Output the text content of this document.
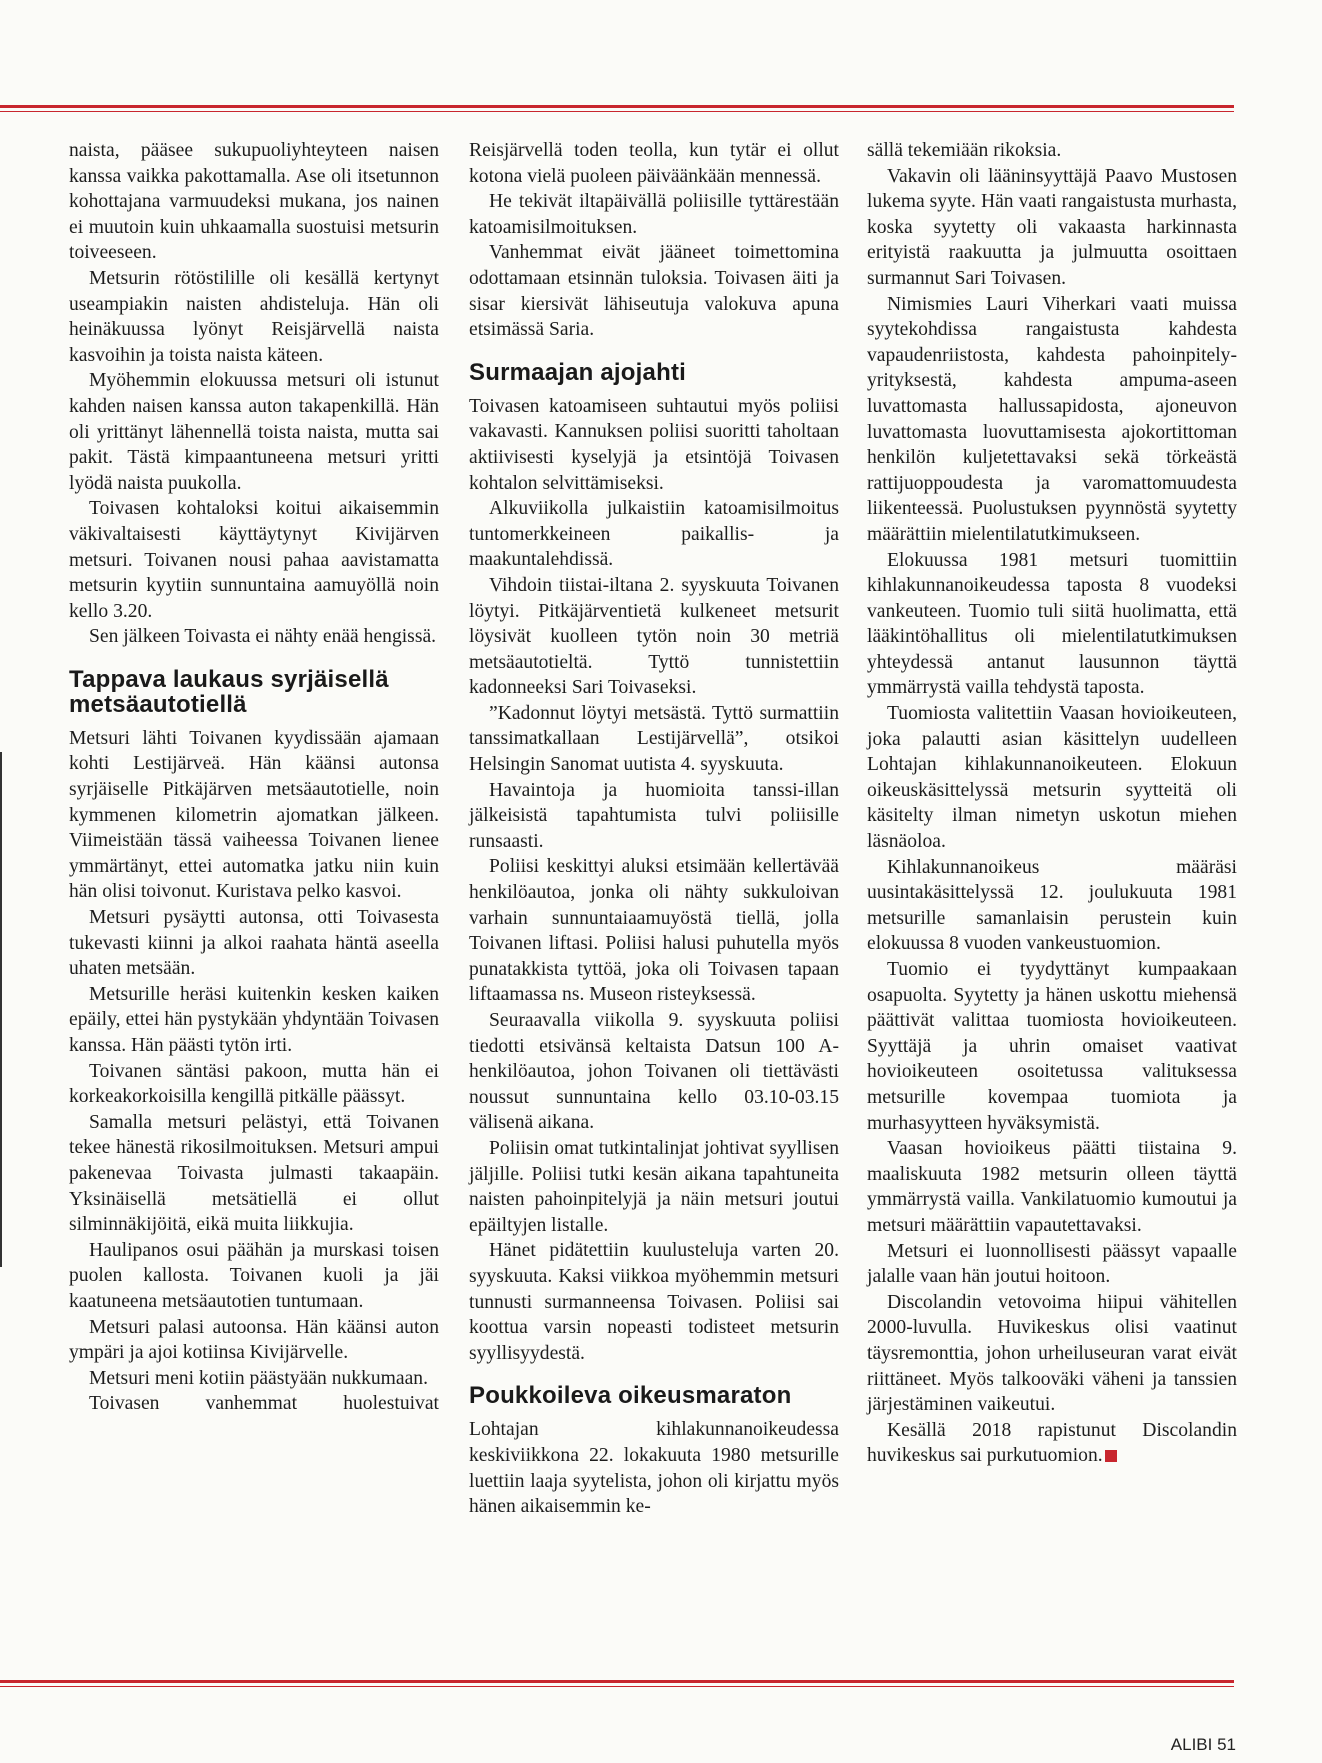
naista, pääsee sukupuoliyhteyteen naisen kanssa vaikka pakottamalla. Ase oli itsetunnon kohottajana varmuudeksi mukana, jos nainen ei muutoin kuin uhkaamalla suostuisi metsurin toiveeseen.

Metsurin rötöstilille oli kesällä kertynyt useampiakin naisten ahdisteluja. Hän oli heinäkuussa lyönyt Reisjärvellä naista kasvoihin ja toista naista käteen.

Myöhemmin elokuussa metsuri oli istunut kahden naisen kanssa auton takapenkillä. Hän oli yrittänyt lähennellä toista naista, mutta sai pakit. Tästä kimpaantuneena metsuri yritti lyödä naista puukolla.

Toivasen kohtaloksi koitui aikaisemmin väkivaltaisesti käyttäytynyt Kivijärven metsuri. Toivanen nousi pahaa aavistamatta metsurin kyytiin sunnuntaina aamuyöllä noin kello 3.20.

Sen jälkeen Toivasta ei nähty enää hengissä.

Tappava laukaus syrjäisellä metsäautotiellä

Metsuri lähti Toivanen kyydissään ajamaan kohti Lestijärveä. Hän käänsi autonsa syrjäiselle Pitkäjärven metsäautotielle, noin kymmenen kilometrin ajomatkan jälkeen. Viimeistään tässä vaiheessa Toivanen lienee ymmärtänyt, ettei automatka jatku niin kuin hän olisi toivonut. Kuristava pelko kasvoi.

Metsuri pysäytti autonsa, otti Toivasesta tukevasti kiinni ja alkoi raahata häntä aseella uhaten metsään.

Metsurille heräsi kuitenkin kesken kaiken epäily, ettei hän pystykään yhdyntään Toivasen kanssa. Hän päästi tytön irti.

Toivanen säntäsi pakoon, mutta hän ei korkeakorkoisilla kengillä pitkälle päässyt.

Samalla metsuri pelästyi, että Toivanen tekee hänestä rikosilmoituksen. Metsuri ampui pakenevaa Toivasta julmasti takaapäin. Yksinäisellä metsätiellä ei ollut silminnäkijöitä, eikä muita liikkujia.

Haulipanos osui päähän ja murskasi toisen puolen kallosta. Toivanen kuoli ja jäi kaatuneena metsäautotien tuntumaan.

Metsuri palasi autoonsa. Hän käänsi auton ympäri ja ajoi kotiinsa Kivijärvelle.

Metsuri meni kotiin päästyään nukkumaan.

Toivasen vanhemmat huolestuivat

Reisjärvellä toden teolla, kun tytär ei ollut kotona vielä puoleen päiväänkään mennessä.

He tekivät iltapäivällä poliisille tyttärestään katoamisilmoituksen.

Vanhemmat eivät jääneet toimettomina odottamaan etsinnän tuloksia. Toivasen äiti ja sisar kiersivät lähiseutuja valokuva apuna etsimässä Saria.

Surmaajan ajojahti

Toivasen katoamiseen suhtautui myös poliisi vakavasti. Kannuksen poliisi suoritti taholtaan aktiivisesti kyselyjä ja etsintöjä Toivasen kohtalon selvittämiseksi.

Alkuviikolla julkaistiin katoamisilmoitus tuntomerkkeineen paikallis- ja maakuntalehdissä.

Vihdoin tiistai-iltana 2. syyskuuta Toivanen löytyi. Pitkäjärventietä kulkeneet metsurit löysivät kuolleen tytön noin 30 metriä metsäautotieltä. Tyttö tunnistettiin kadonneeksi Sari Toivaseksi.

”Kadonnut löytyi metsästä. Tyttö surmattiin tanssimatkallaan Lestijärvellä”, otsikoi Helsingin Sanomat uutista 4. syyskuuta.

Havaintoja ja huomioita tanssi-illan jälkeisistä tapahtumista tulvi poliisille runsaasti.

Poliisi keskittyi aluksi etsimään kellertävää henkilöautoa, jonka oli nähty sukkuloivan varhain sunnuntaiaamuyöstä tiellä, jolla Toivanen liftasi. Poliisi halusi puhutella myös punatakkista tyttöä, joka oli Toivasen tapaan liftaamassa ns. Museon risteyksessä.

Seuraavalla viikolla 9. syyskuuta poliisi tiedotti etsivänsä keltaista Datsun 100 A-henkilöautoa, johon Toivanen oli tiettävästi noussut sunnuntaina kello 03.10-03.15 välisenä aikana.

Poliisin omat tutkintalinjat johtivat syyllisen jäljille. Poliisi tutki kesän aikana tapahtuneita naisten pahoinpitelyjä ja näin metsuri joutui epäiltyjen listalle.

Hänet pidätettiin kuulusteluja varten 20. syyskuuta. Kaksi viikkoa myöhemmin metsuri tunnusti surmanneensa Toivasen. Poliisi sai koottua varsin nopeasti todisteet metsurin syyllisyydestä.

Poukkoileva oikeusmaraton

Lohtajan kihlakunnanoikeudessa keskiviikkona 22. lokakuuta 1980 metsurille luettiin laaja syytelista, johon oli kirjattu myös hänen aikaisemmin ke-

sällä tekemiään rikoksia.

Vakavin oli lääninsyyttäjä Paavo Mustosen lukema syyte. Hän vaati rangaistusta murhasta, koska syytetty oli vakaasta harkinnasta erityistä raakuutta ja julmuutta osoittaen surmannut Sari Toivasen.

Nimismies Lauri Viherkari vaati muissa syytekohdissa rangaistusta kahdesta vapaudenriistosta, kahdesta pahoinpitely-yrityksestä, kahdesta ampuma-aseen luvattomasta hallussapidosta, ajoneuvon luvattomasta luovuttamisesta ajokortittoman henkilön kuljetettavaksi sekä törkeästä rattijuoppoudesta ja varomattomuudesta liikenteessä. Puolustuksen pyynnöstä syytetty määrättiin mielentilatutkimukseen.

Elokuussa 1981 metsuri tuomittiin kihlakunnanoikeudessa taposta 8 vuodeksi vankeuteen. Tuomio tuli siitä huolimatta, että lääkintöhallitus oli mielentilatutkimuksen yhteydessä antanut lausunnon täyttä ymmärrystä vailla tehdystä taposta.

Tuomiosta valitettiin Vaasan hovioikeuteen, joka palautti asian käsittelyn uudelleen Lohtajan kihlakunnanoikeuteen. Elokuun oikeuskäsittelyssä metsurin syytteitä oli käsitelty ilman nimetyn uskotun miehen läsnäoloa.

Kihlakunnanoikeus määräsi uusintakäsittelyssä 12. joulukuuta 1981 metsurille samanlaisin perustein kuin elokuussa 8 vuoden vankeustuomion.

Tuomio ei tyydyttänyt kumpaakaan osapuolta. Syytetty ja hänen uskottu miehensä päättivät valittaa tuomiosta hovioikeuteen. Syyttäjä ja uhrin omaiset vaativat hovioikeuteen osoitetussa valituksessa metsurille kovempaa tuomiota ja murhasyytteen hyväksymistä.

Vaasan hovioikeus päätti tiistaina 9. maaliskuuta 1982 metsurin olleen täyttä ymmärrystä vailla. Vankilatuomio kumoutui ja metsuri määrättiin vapautettavaksi.

Metsuri ei luonnollisesti päässyt vapaalle jalalle vaan hän joutui hoitoon.

Discolandin vetovoima hiipui vähitellen 2000-luvulla. Huvikeskus olisi vaatinut täysremonttia, johon urheiluseuran varat eivät riittäneet. Myös talkooväki väheni ja tanssien järjestäminen vaikeutui.

Kesällä 2018 rapistunut Discolandin huvikeskus sai purkutuomion.

ALIBI 51
